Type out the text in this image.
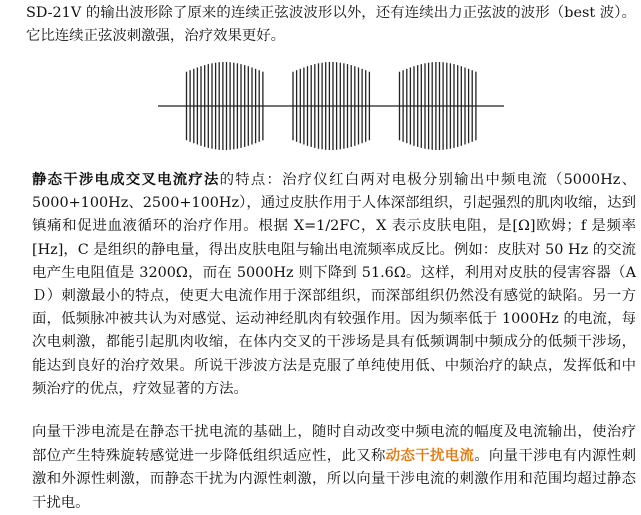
SD-21V 的输出波形除了原来的连续正弦波波形以外，还有连续出力正弦波的波形（best 波）。它比连续正弦波刺激强，治疗效果更好。
静态干涉电成交叉电流疗法的特点：治疗仪红白两对电极分别输出中频电流（5000Hz、5000+100Hz、2500+100Hz），通过皮肤作用于人体深部组织，引起强烈的肌肉收缩，达到镇痛和促进血液循环的治疗作用。根据 X=1/2FC，X 表示皮肤电阻，是[Ω]欧姆；f 是频率[Hz]，C 是组织的静电量，得出皮肤电阻与输出电流频率成反比。例如：皮肤对 50 Hz 的交流电产生电阻值是 3200Ω，而在 5000Hz 则下降到 51.6Ω。这样，利用对皮肤的侵害容器（AＤ）刺激最小的特点，使更大电流作用于深部组织，而深部组织仍然没有感觉的缺陷。另一方面，低频脉冲被共认为对感觉、运动神经肌肉有较强作用。因为频率低于 1000Hz 的电流，每次电刺激，都能引起肌肉收缩，在体内交叉的干涉场是具有低频调制中频成分的低频干涉场，能达到良好的治疗效果。所说干涉波方法是克服了单纯使用低、中频治疗的缺点，发挥低和中频治疗的优点，疗效显著的方法。
向量干涉电流是在静态干扰电流的基础上，随时自动改变中频电流的幅度及电流输出，使治疗部位产生特殊旋转感觉进一步降低组织适应性，此又称动态干扰电流。向量干涉电有内源性刺激和外源性刺激，而静态干扰为内源性刺激，所以向量干涉电流的刺激作用和范围均超过静态干扰电。
